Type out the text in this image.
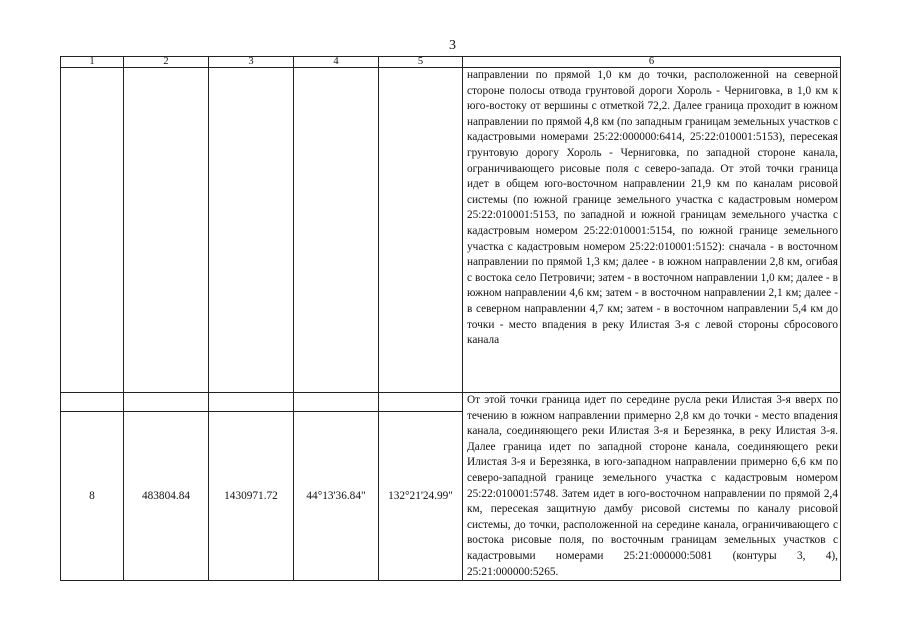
3
1	2	3	4	5	6

					направлении по прямой 1,0 км до точки, расположенной на северной стороне полосы отвода грунтовой дороги Хороль - Черниговка, в 1,0 км к юго-востоку от вершины с отметкой 72,2. Далее граница проходит в южном направлении по прямой 4,8 км (по западным границам земельных участков с кадастровыми номерами 25:22:000000:6414, 25:22:010001:5153), пересекая грунтовую дорогу Хороль - Черниговка, по западной стороне канала, ограничивающего рисовые поля с северо-запада. От этой точки граница идет в общем юго-восточном направлении 21,9 км по каналам рисовой системы (по южной границе земельного участка с кадастровым номером 25:22:010001:5153, по западной и южной границам земельного участка с кадастровым номером 25:22:010001:5154, по южной границе земельного участка с кадастровым номером 25:22:010001:5152): сначала - в восточном направлении по прямой 1,3 км; далее - в южном направлении 2,8 км, огибая с востока село Петровичи; затем - в восточном направлении 1,0 км; далее - в южном направлении 4,6 км; затем - в восточном направлении 2,1 км; далее - в северном направлении 4,7 км; затем - в восточном направлении 5,4 км до точки - место впадения в реку Илистая 3-я с левой стороны сбросового канала

					От этой точки граница идет по середине русла реки Илистая 3-я вверх по течению в южном направлении примерно 2,8 км до точки - место впадения канала, соединяющего реки Илистая 3-я и Березянка, в реку Илистая 3-я. Далее граница идет по западной стороне канала, соединяющего реки Илистая 3-я и Березянка, в юго-западном направлении примерно 6,6 км по северо-западной границе земельного участка с кадастровым номером 25:22:010001:5748. Затем идет в юго-восточном направлении по прямой 2,4 км, пересекая защитную дамбу рисовой системы по каналу рисовой системы, до точки, расположенной на середине канала, ограничивающего с востока рисовые поля, по восточным границам земельных участков с кадастровыми номерами 25:21:000000:5081 (контуры 3, 4), 25:21:000000:5265.

8	483804.84	1430971.72	44°13'36.84"	132°21'24.99"	
